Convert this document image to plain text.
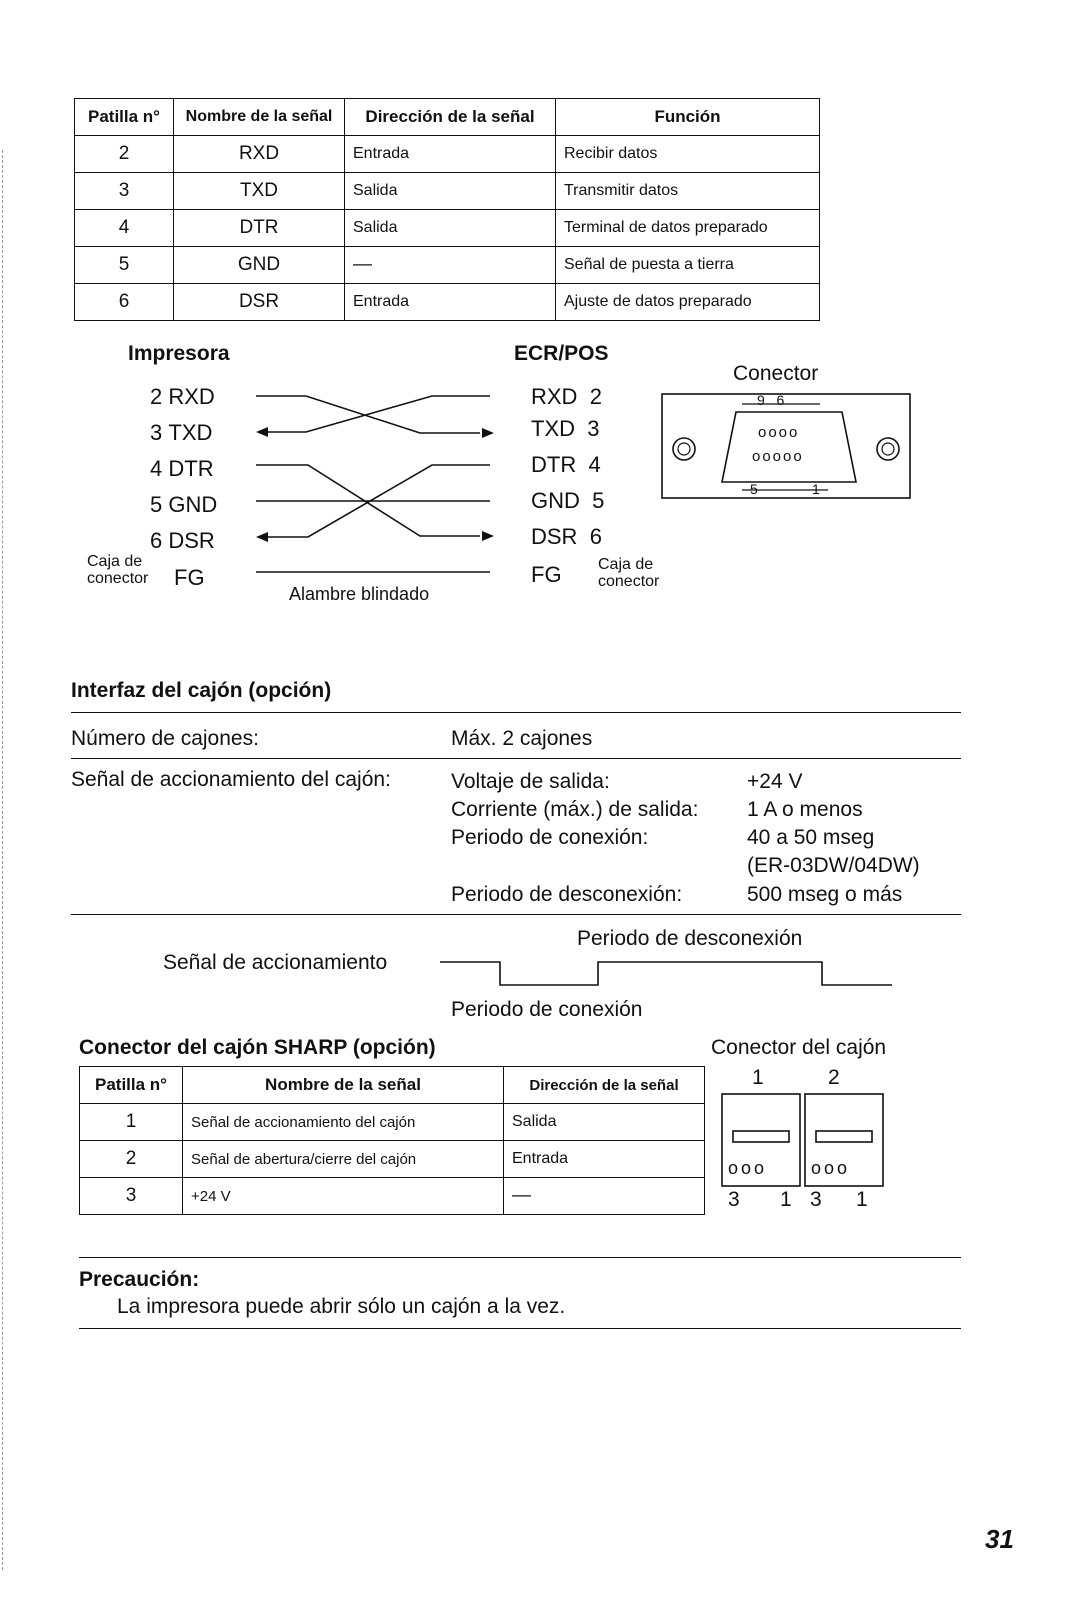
Patilla n°	Nombre de la señal	Dirección de la señal	Función
2	RXD	Entrada	Recibir datos
3	TXD	Salida	Transmitir datos
4	DTR	Salida	Terminal de datos preparado
5	GND	—	Señal de puesta a tierra
6	DSR	Entrada	Ajuste de datos preparado
Impresora	ECR/POS
2 RXD
3 TXD
4 DTR
5 GND
6 DSR
RXD 2
TXD 3
DTR 4
GND 5
DSR 6
Caja de
conector FG	FG Caja de
conector
Alambre blindado
Conector
9   6
oooo
ooooo
5	1
Interfaz del cajón (opción)
Número de cajones:	Máx. 2 cajones
Señal de accionamiento del cajón:	Voltaje de salida:	+24 V
Corriente (máx.) de salida: 1 A o menos
Periodo de conexión:	40 a 50 mseg
(ER-03DW/04DW)
Periodo de desconexión:	500 mseg o más
Periodo de desconexión
Señal de accionamiento
Periodo de conexión
Conector del cajón SHARP (opción)	Conector del cajón
Patilla n°	Nombre de la señal	Dirección de la señal
1	Señal de accionamiento del cajón	Salida
2	Señal de abertura/cierre del cajón	Entrada
3	+24 V	—
1	2
ooo ooo
3 1 3 1
Precaución:
La impresora puede abrir sólo un cajón a la vez.
31
